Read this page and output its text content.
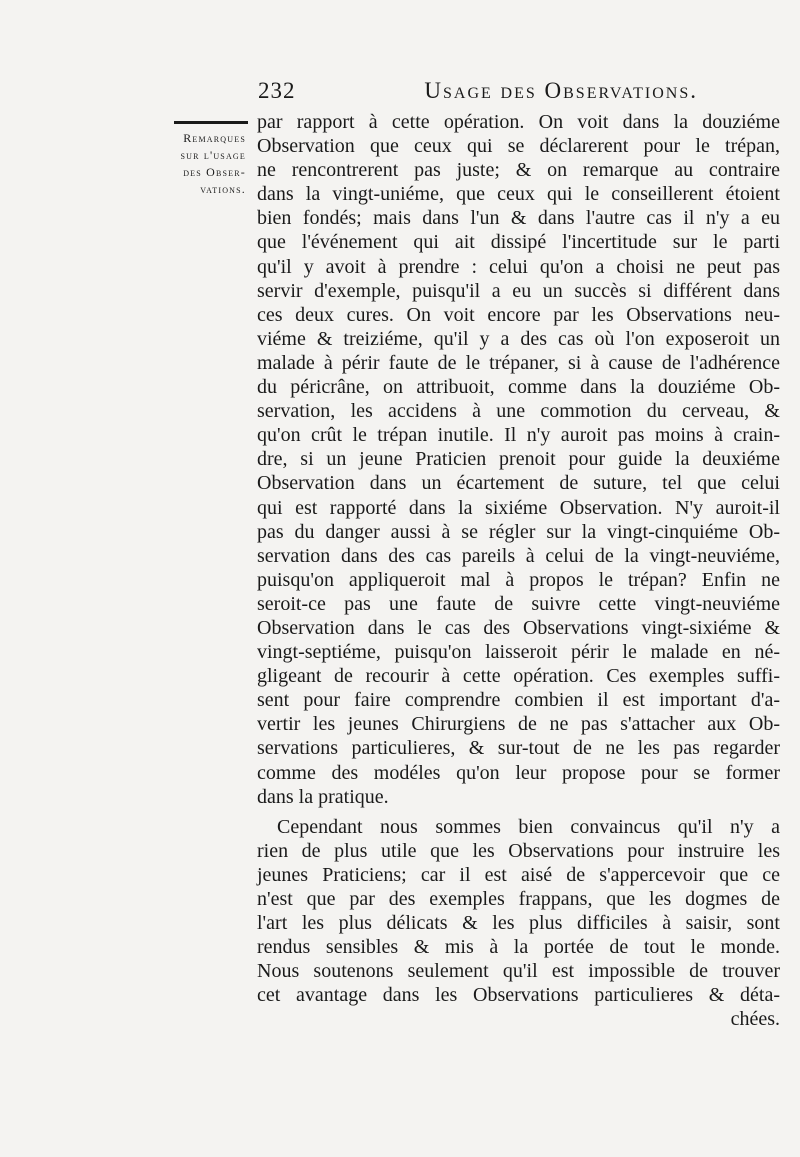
232	Usage des Observations.
Remarques
sur l'usage
des Obser-
vations.
par rapport à cette opération. On voit dans la douziéme
Observation que ceux qui se déclarerent pour le trépan,
ne rencontrerent pas juste; & on remarque au contraire
dans la vingt-uniéme, que ceux qui le conseillerent étoient
bien fondés; mais dans l'un & dans l'autre cas il n'y a eu
que l'événement qui ait dissipé l'incertitude sur le parti
qu'il y avoit à prendre : celui qu'on a choisi ne peut pas
servir d'exemple, puisqu'il a eu un succès si différent dans
ces deux cures. On voit encore par les Observations neu-
viéme & treiziéme, qu'il y a des cas où l'on exposeroit un
malade à périr faute de le trépaner, si à cause de l'adhérence
du péricrâne, on attribuoit, comme dans la douziéme Ob-
servation, les accidens à une commotion du cerveau, &
qu'on crût le trépan inutile. Il n'y auroit pas moins à crain-
dre, si un jeune Praticien prenoit pour guide la deuxiéme
Observation dans un écartement de suture, tel que celui
qui est rapporté dans la sixiéme Observation. N'y auroit-il
pas du danger aussi à se régler sur la vingt-cinquiéme Ob-
servation dans des cas pareils à celui de la vingt-neuviéme,
puisqu'on appliqueroit mal à propos le trépan? Enfin ne
seroit-ce pas une faute de suivre cette vingt-neuviéme
Observation dans le cas des Observations vingt-sixiéme &
vingt-septiéme, puisqu'on laisseroit périr le malade en né-
gligeant de recourir à cette opération. Ces exemples suffi-
sent pour faire comprendre combien il est important d'a-
vertir les jeunes Chirurgiens de ne pas s'attacher aux Ob-
servations particulieres, & sur-tout de ne les pas regarder
comme des modéles qu'on leur propose pour se former
dans la pratique.
Cependant nous sommes bien convaincus qu'il n'y a
rien de plus utile que les Observations pour instruire les
jeunes Praticiens; car il est aisé de s'appercevoir que ce
n'est que par des exemples frappans, que les dogmes de
l'art les plus délicats & les plus difficiles à saisir, sont
rendus sensibles & mis à la portée de tout le monde.
Nous soutenons seulement qu'il est impossible de trouver
cet avantage dans les Observations particulieres & déta-
chées.
